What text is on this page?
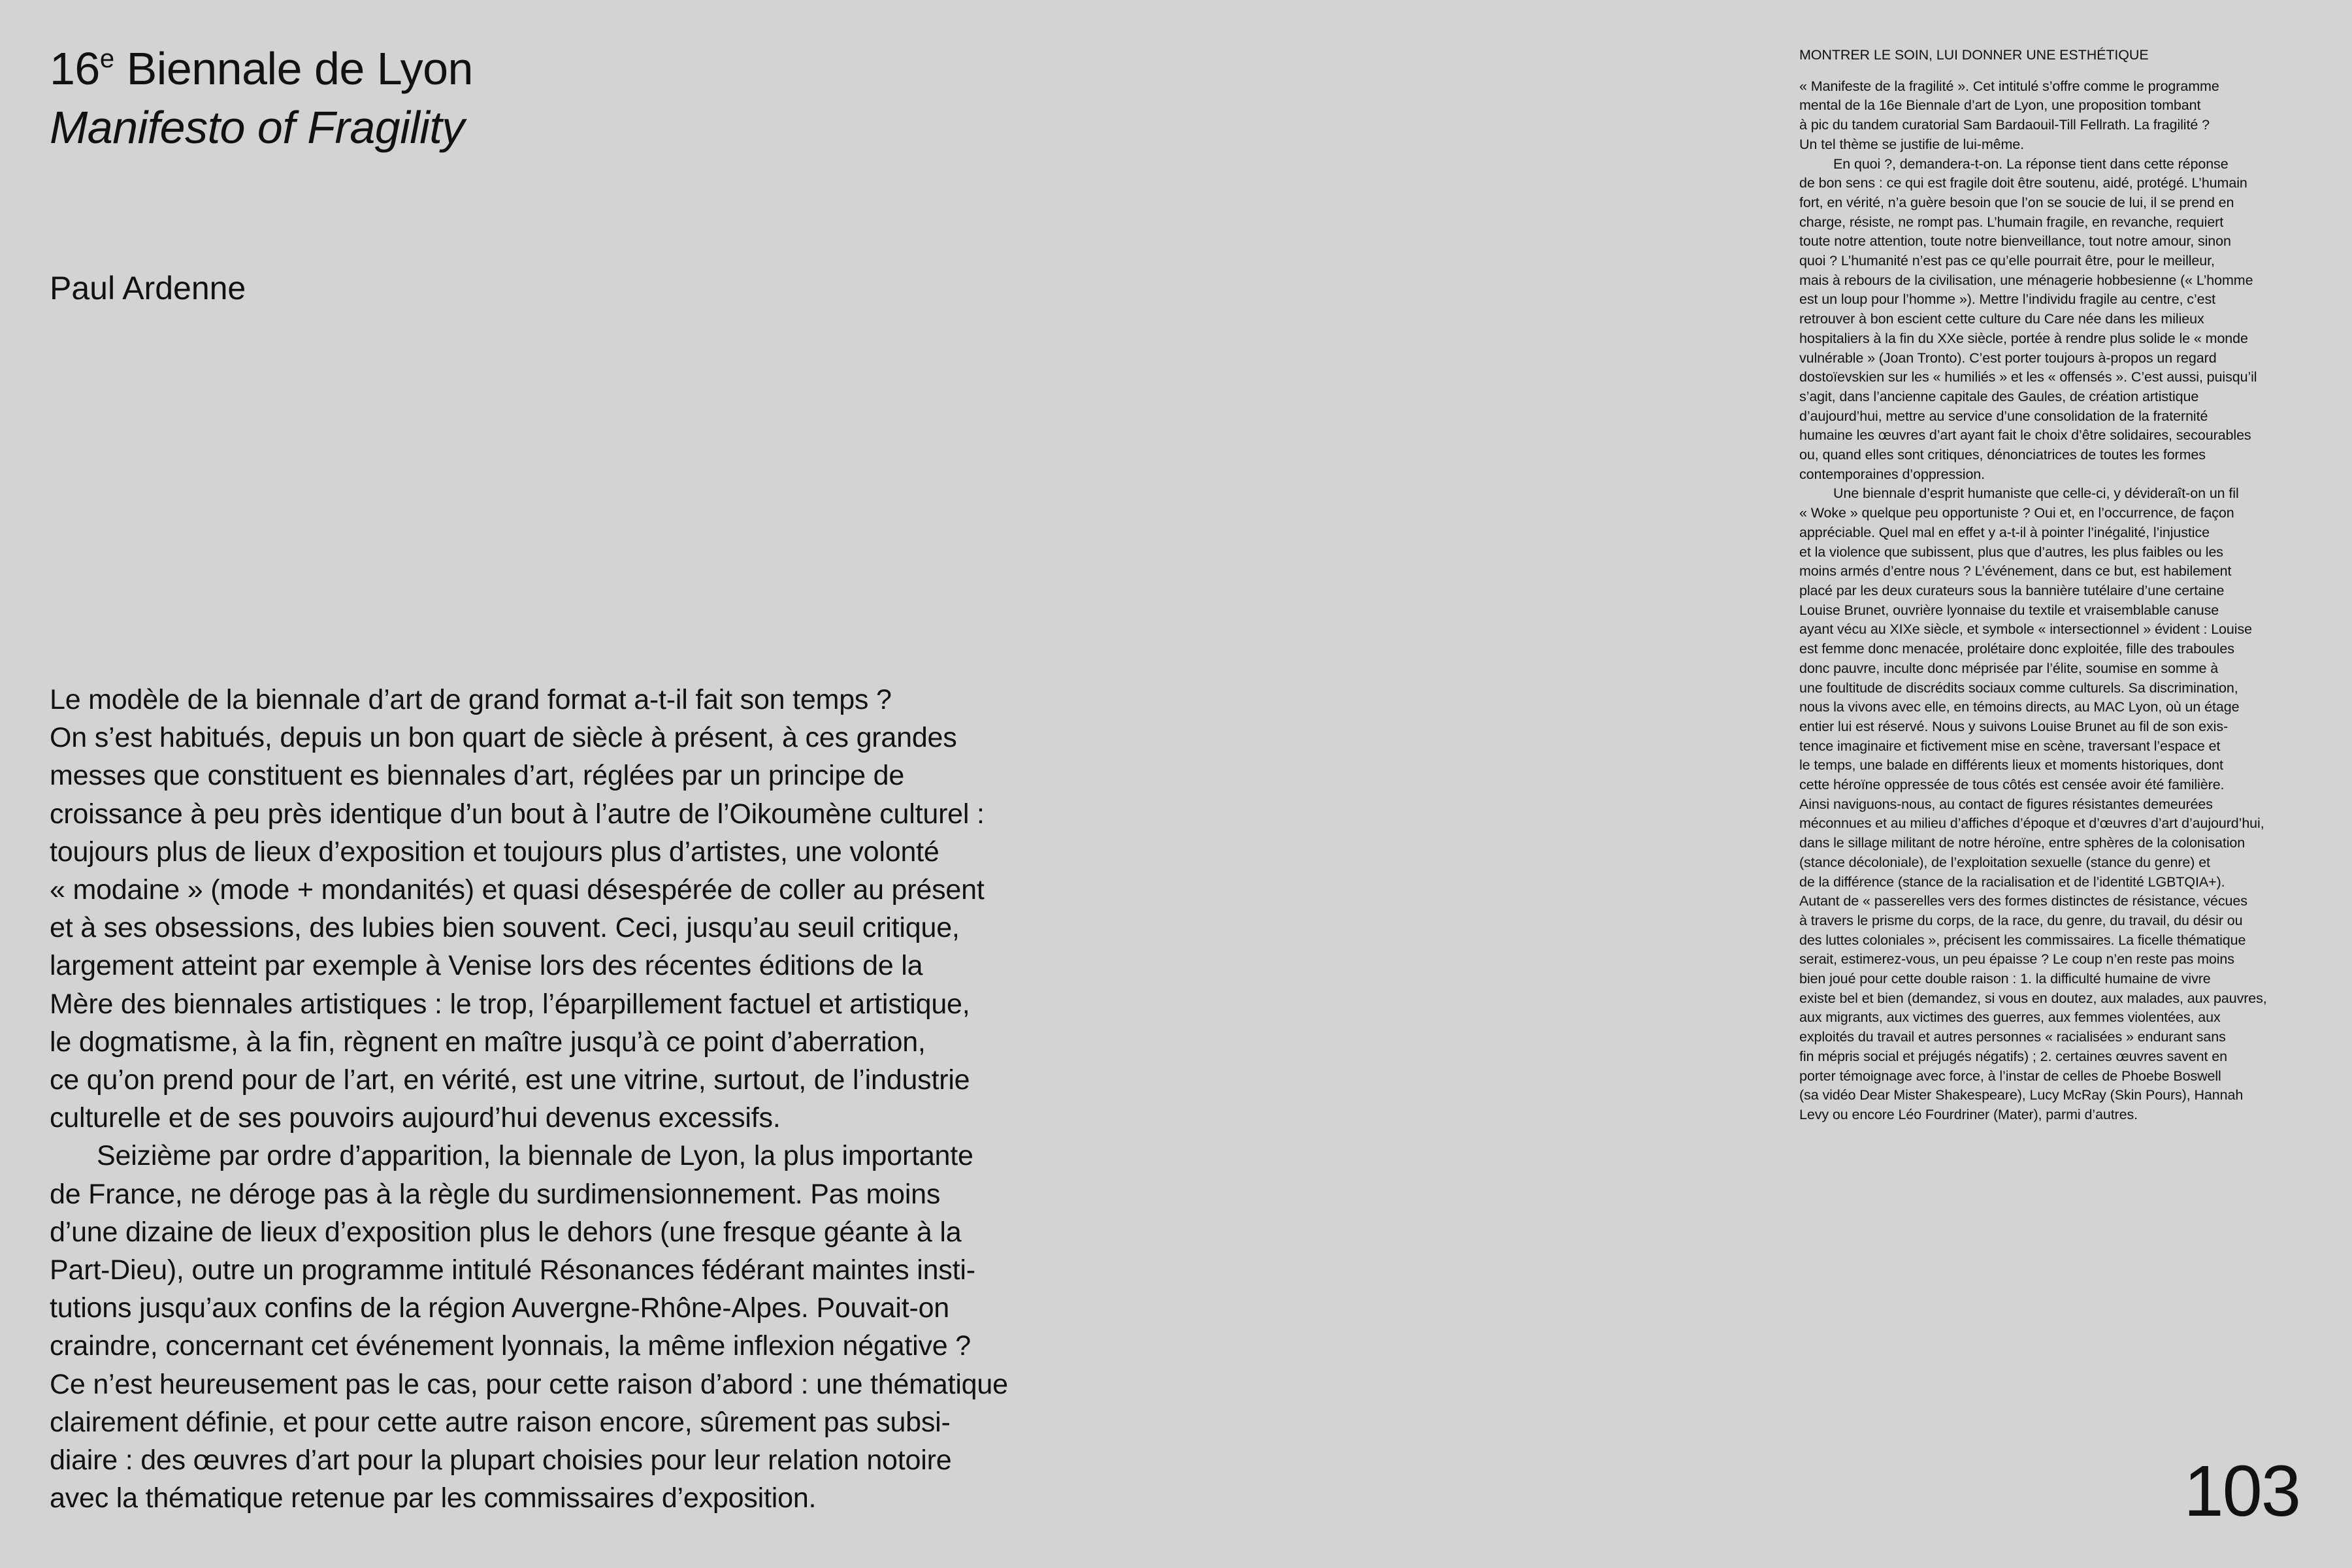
16e Biennale de Lyon
Manifesto of Fragility
Paul Ardenne
Le modèle de la biennale d’art de grand format a-t-il fait son temps ?
On s’est habitués, depuis un bon quart de siècle à présent, à ces grandes
messes que constituent es biennales d’art, réglées par un principe de
croissance à peu près identique d’un bout à l’autre de l’Oikoumène culturel :
toujours plus de lieux d’exposition et toujours plus d’artistes, une volonté
« modaine » (mode + mondanités) et quasi désespérée de coller au présent
et à ses obsessions, des lubies bien souvent. Ceci, jusqu’au seuil critique,
largement atteint par exemple à Venise lors des récentes éditions de la
Mère des biennales artistiques : le trop, l’éparpillement factuel et artistique,
le dogmatisme, à la fin, règnent en maître jusqu’à ce point d’aberration,
ce qu’on prend pour de l’art, en vérité, est une vitrine, surtout, de l’industrie
culturelle et de ses pouvoirs aujourd’hui devenus excessifs.
Seizième par ordre d’apparition, la biennale de Lyon, la plus importante
de France, ne déroge pas à la règle du surdimensionnement. Pas moins
d’une dizaine de lieux d’exposition plus le dehors (une fresque géante à la
Part-Dieu), outre un programme intitulé Résonances fédérant maintes insti-
tutions jusqu’aux confins de la région Auvergne-Rhône-Alpes. Pouvait-on
craindre, concernant cet événement lyonnais, la même inflexion négative ?
Ce n’est heureusement pas le cas, pour cette raison d’abord : une thématique
clairement définie, et pour cette autre raison encore, sûrement pas subsi-
diaire : des œuvres d’art pour la plupart choisies pour leur relation notoire
avec la thématique retenue par les commissaires d’exposition.
MONTRER LE SOIN, LUI DONNER UNE ESTHÉTIQUE
« Manifeste de la fragilité ». Cet intitulé s’offre comme le programme
mental de la 16e Biennale d’art de Lyon, une proposition tombant
à pic du tandem curatorial Sam Bardaouil-Till Fellrath. La fragilité ?
Un tel thème se justifie de lui-même.
En quoi ?, demandera-t-on. La réponse tient dans cette réponse
de bon sens : ce qui est fragile doit être soutenu, aidé, protégé. L’humain
fort, en vérité, n’a guère besoin que l’on se soucie de lui, il se prend en
charge, résiste, ne rompt pas. L’humain fragile, en revanche, requiert
toute notre attention, toute notre bienveillance, tout notre amour, sinon
quoi ? L’humanité n’est pas ce qu’elle pourrait être, pour le meilleur,
mais à rebours de la civilisation, une ménagerie hobbesienne (« L’homme
est un loup pour l’homme »). Mettre l’individu fragile au centre, c’est
retrouver à bon escient cette culture du Care née dans les milieux
hospitaliers à la fin du XXe siècle, portée à rendre plus solide le « monde
vulnérable » (Joan Tronto). C’est porter toujours à-propos un regard
dostoïevskien sur les « humiliés » et les « offensés ». C’est aussi, puisqu’il
s’agit, dans l’ancienne capitale des Gaules, de création artistique
d’aujourd’hui, mettre au service d’une consolidation de la fraternité
humaine les œuvres d’art ayant fait le choix d’être solidaires, secourables
ou, quand elles sont critiques, dénonciatrices de toutes les formes
contemporaines d’oppression.
Une biennale d’esprit humaniste que celle-ci, y dévideraît-on un fil
« Woke » quelque peu opportuniste ? Oui et, en l’occurrence, de façon
appréciable. Quel mal en effet y a-t-il à pointer l’inégalité, l’injustice
et la violence que subissent, plus que d’autres, les plus faibles ou les
moins armés d’entre nous ? L’événement, dans ce but, est habilement
placé par les deux curateurs sous la bannière tutélaire d’une certaine
Louise Brunet, ouvrière lyonnaise du textile et vraisemblable canuse
ayant vécu au XIXe siècle, et symbole « intersectionnel » évident : Louise
est femme donc menacée, prolétaire donc exploitée, fille des traboules
donc pauvre, inculte donc méprisée par l’élite, soumise en somme à
une foultitude de discrédits sociaux comme culturels. Sa discrimination,
nous la vivons avec elle, en témoins directs, au MAC Lyon, où un étage
entier lui est réservé. Nous y suivons Louise Brunet au fil de son exis-
tence imaginaire et fictivement mise en scène, traversant l’espace et
le temps, une balade en différents lieux et moments historiques, dont
cette héroïne oppressée de tous côtés est censée avoir été familière.
Ainsi naviguons-nous, au contact de figures résistantes demeurées
méconnues et au milieu d’affiches d’époque et d’œuvres d’art d’aujourd’hui,
dans le sillage militant de notre héroïne, entre sphères de la colonisation
(stance décoloniale), de l’exploitation sexuelle (stance du genre) et
de la différence (stance de la racialisation et de l’identité LGBTQIA+).
Autant de « passerelles vers des formes distinctes de résistance, vécues
à travers le prisme du corps, de la race, du genre, du travail, du désir ou
des luttes coloniales », précisent les commissaires. La ficelle thématique
serait, estimerez-vous, un peu épaisse ? Le coup n’en reste pas moins
bien joué pour cette double raison : 1. la difficulté humaine de vivre
existe bel et bien (demandez, si vous en doutez, aux malades, aux pauvres,
aux migrants, aux victimes des guerres, aux femmes violentées, aux
exploités du travail et autres personnes « racialisées » endurant sans
fin mépris social et préjugés négatifs) ; 2. certaines œuvres savent en
porter témoignage avec force, à l’instar de celles de Phoebe Boswell
(sa vidéo Dear Mister Shakespeare), Lucy McRay (Skin Pours), Hannah
Levy ou encore Léo Fourdriner (Mater), parmi d’autres.
103
